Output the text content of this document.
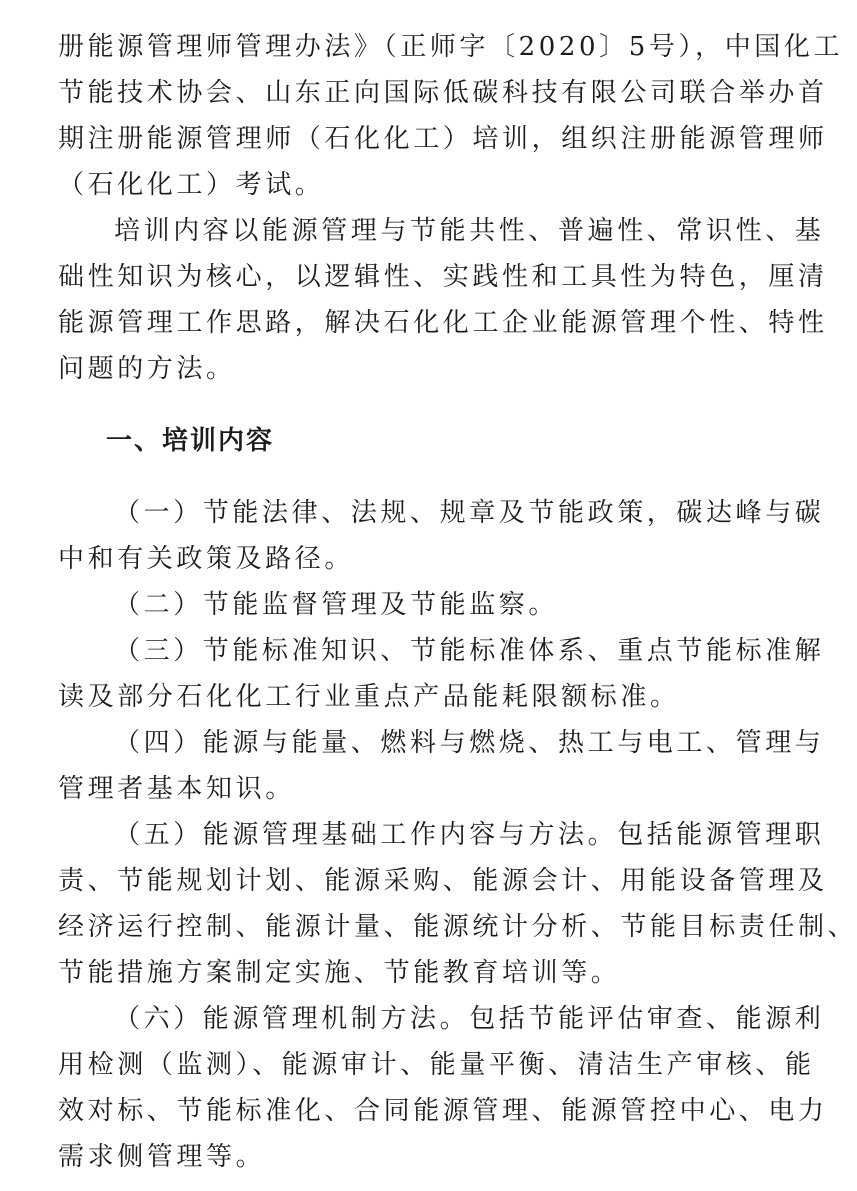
册能源管理师管理办法》（正师字〔2020〕5号），中国化工
节能技术协会、山东正向国际低碳科技有限公司联合举办首
期注册能源管理师（石化化工）培训，组织注册能源管理师
（石化化工）考试。
培训内容以能源管理与节能共性、普遍性、常识性、基
础性知识为核心，以逻辑性、实践性和工具性为特色，厘清
能源管理工作思路，解决石化化工企业能源管理个性、特性
问题的方法。
一、培训内容
（一）节能法律、法规、规章及节能政策，碳达峰与碳
中和有关政策及路径。
（二）节能监督管理及节能监察。
（三）节能标准知识、节能标准体系、重点节能标准解
读及部分石化化工行业重点产品能耗限额标准。
（四）能源与能量、燃料与燃烧、热工与电工、管理与
管理者基本知识。
（五）能源管理基础工作内容与方法。包括能源管理职
责、节能规划计划、能源采购、能源会计、用能设备管理及
经济运行控制、能源计量、能源统计分析、节能目标责任制、
节能措施方案制定实施、节能教育培训等。
（六）能源管理机制方法。包括节能评估审查、能源利
用检测（监测）、能源审计、能量平衡、清洁生产审核、能
效对标、节能标准化、合同能源管理、能源管控中心、电力
需求侧管理等。
